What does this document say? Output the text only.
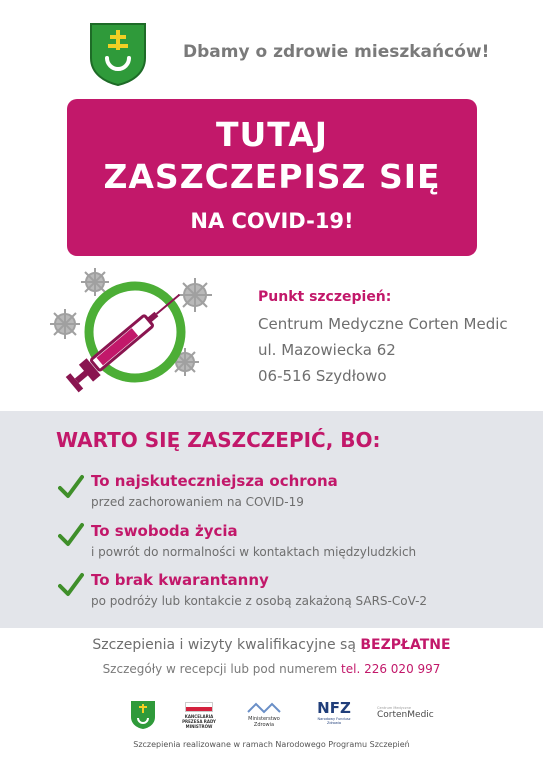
Dbamy o zdrowie mieszkańców!
TUTAJ
ZASZCZEPISZ SIĘ
NA COVID-19!
Punkt szczepień:
Centrum Medyczne Corten Medic
ul. Mazowiecka 62
06-516 Szydłowo
WARTO SIĘ ZASZCZEPIĆ, BO:
To najskuteczniejsza ochrona
przed zachorowaniem na COVID-19
To swoboda życia
i powrót do normalności w kontaktach międzyludzkich
To brak kwarantanny
po podróży lub kontakcie z osobą zakażoną SARS-CoV-2
Szczepienia i wizyty kwalifikacyjne są BEZPŁATNE
Szczegóły w recepcji lub pod numerem tel. 226 020 997
KANCELARIA PREZESA RADY MINISTRÓW
Ministerstwo Zdrowia
NFZ
Narodowy Fundusz Zdrowia
Centrum Medyczne
CortenMedic
Szczepienia realizowane w ramach Narodowego Programu Szczepień
